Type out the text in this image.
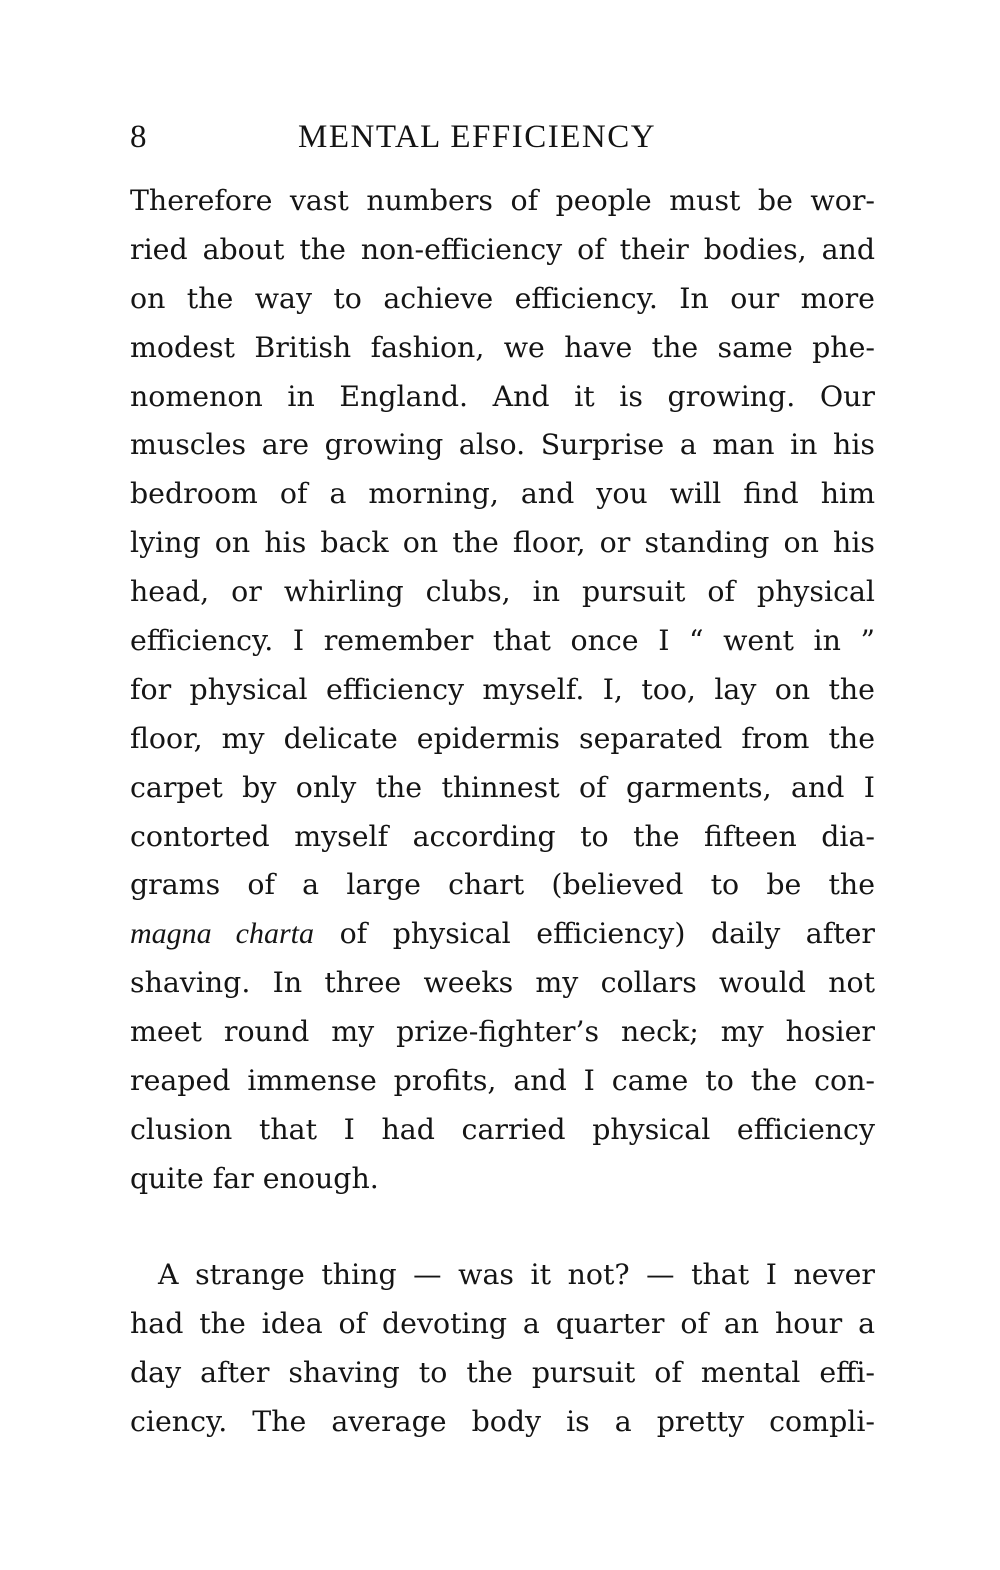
8	MENTAL EFFICIENCY
Therefore vast numbers of people must be wor-
ried about the non-efficiency of their bodies, and
on the way to achieve efficiency. In our more
modest British fashion, we have the same phe-
nomenon in England. And it is growing. Our
muscles are growing also. Surprise a man in his
bedroom of a morning, and you will find him
lying on his back on the floor, or standing on his
head, or whirling clubs, in pursuit of physical
efficiency. I remember that once I “ went in ”
for physical efficiency myself. I, too, lay on the
floor, my delicate epidermis separated from the
carpet by only the thinnest of garments, and I
contorted myself according to the fifteen dia-
grams of a large chart (believed to be the
magna charta of physical efficiency) daily after
shaving. In three weeks my collars would not
meet round my prize-fighter’s neck; my hosier
reaped immense profits, and I came to the con-
clusion that I had carried physical efficiency
quite far enough.
A strange thing — was it not? — that I never
had the idea of devoting a quarter of an hour a
day after shaving to the pursuit of mental effi-
ciency. The average body is a pretty compli-
